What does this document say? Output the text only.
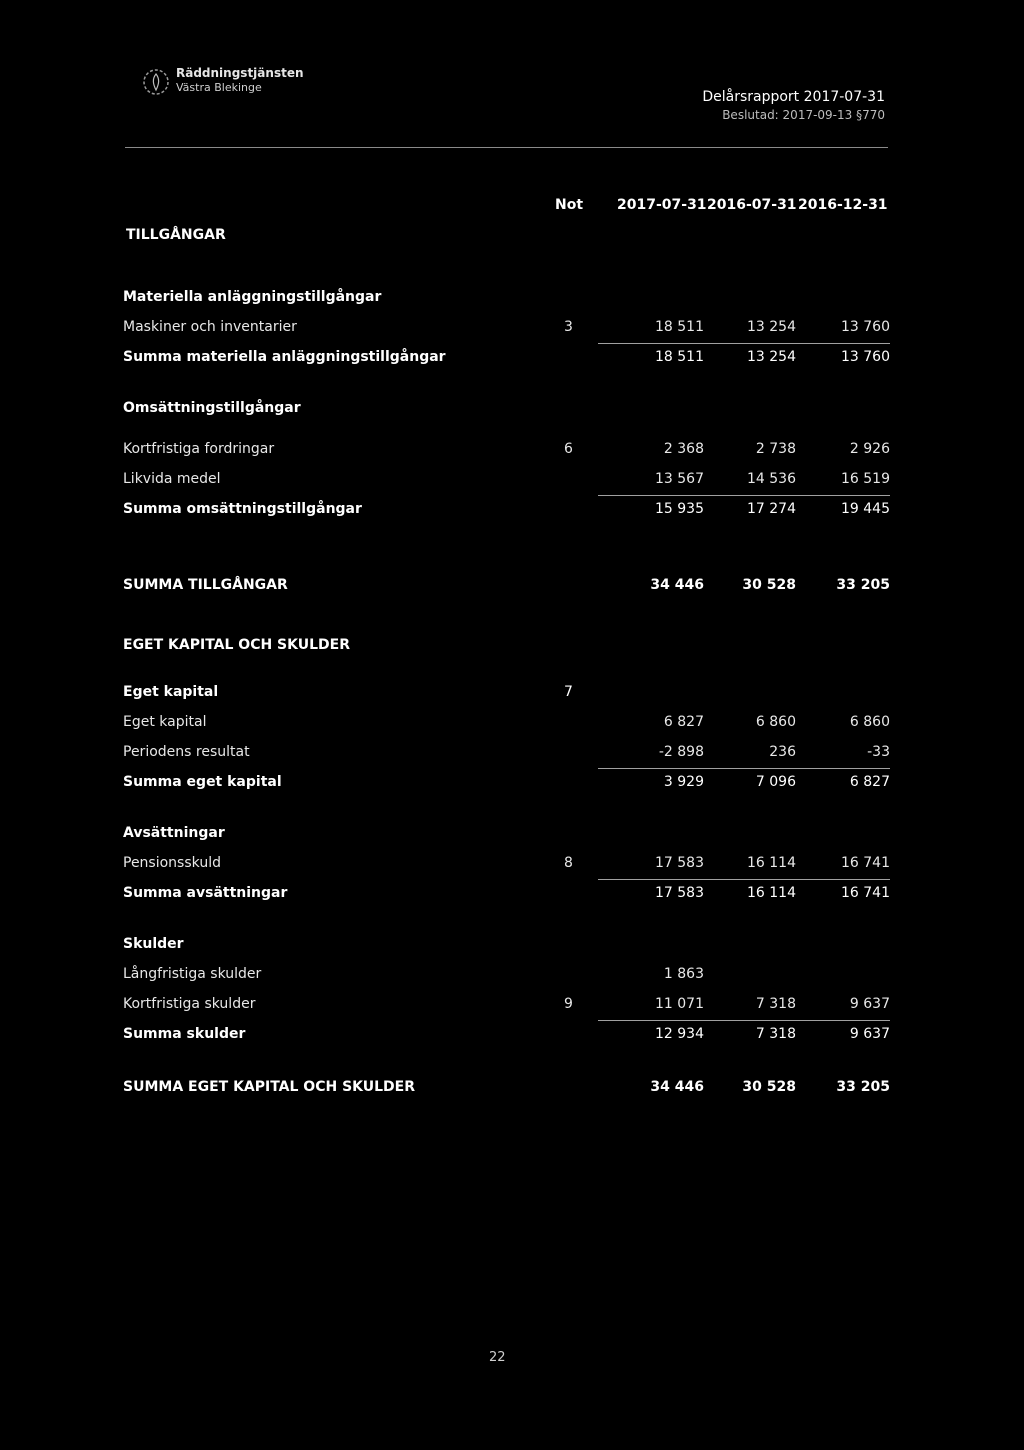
Räddningstjänsten
Västra Blekinge
Delårsrapport 2017-07-31
Beslutad: 2017-09-13 §770
Not 2017-07-31 2016-07-31 2016-12-31
TILLGÅNGAR
Materiella anläggningstillgångar
Maskiner och inventarier	3	18 511	13 254	13 760
Summa materiella anläggningstillgångar	18 511	13 254	13 760
Omsättningstillgångar
Kortfristiga fordringar	6	2 368	2 738	2 926
Likvida medel	13 567	14 536	16 519
Summa omsättningstillgångar	15 935	17 274	19 445
SUMMA TILLGÅNGAR	34 446	30 528	33 205
EGET KAPITAL OCH SKULDER
Eget kapital	7
Eget kapital	6 827	6 860	6 860
Periodens resultat	-2 898	236	-33
Summa eget kapital	3 929	7 096	6 827
Avsättningar
Pensionsskuld	8	17 583	16 114	16 741
Summa avsättningar	17 583	16 114	16 741
Skulder
Långfristiga skulder	1 863
Kortfristiga skulder	9	11 071	7 318	9 637
Summa skulder	12 934	7 318	9 637
SUMMA EGET KAPITAL OCH SKULDER	34 446	30 528	33 205
22
